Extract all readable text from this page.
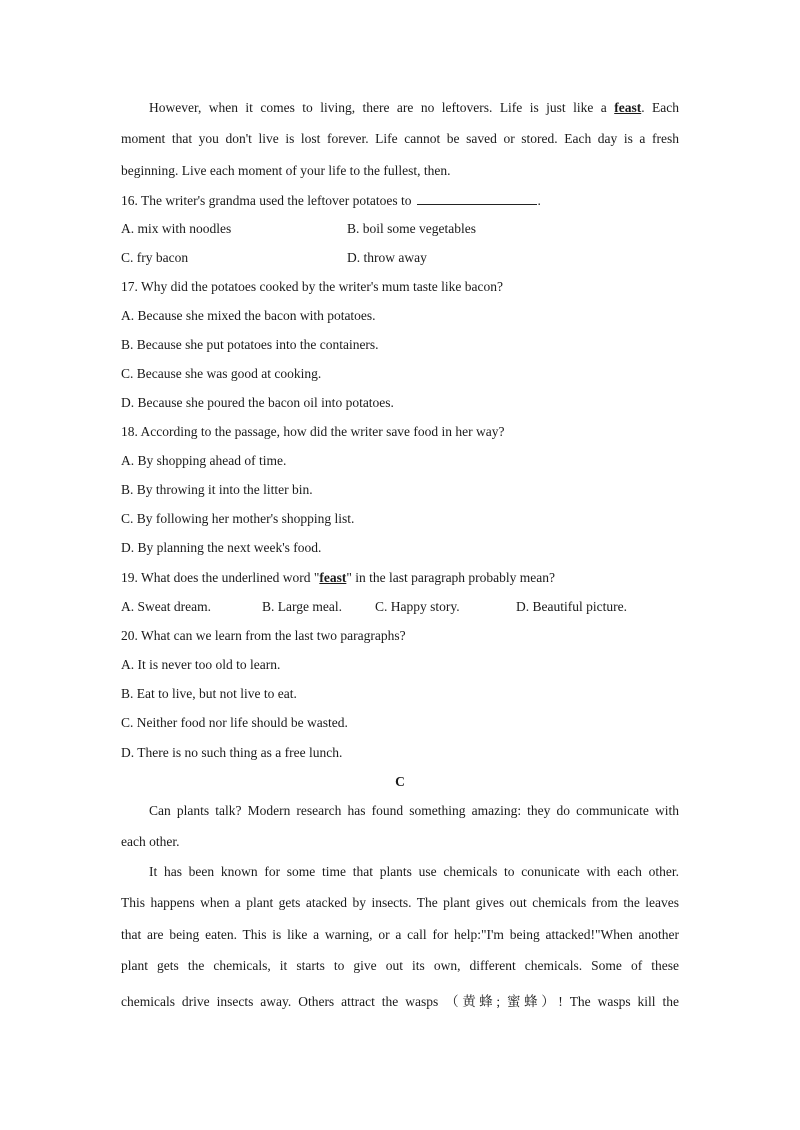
However, when it comes to living, there are no leftovers. Life is just like a feast. Each
moment that you don't live is lost forever. Life cannot be saved or stored. Each day is a fresh
beginning. Live each moment of your life to the fullest, then.
16. The writer's grandma used the leftover potatoes to	.
A. mix with noodles	B. boil some vegetables
C. fry bacon	D. throw away
17. Why did the potatoes cooked by the writer's mum taste like bacon?
A. Because she mixed the bacon with potatoes.
B. Because she put potatoes into the containers.
C. Because she was good at cooking.
D. Because she poured the bacon oil into potatoes.
18. According to the passage, how did the writer save food in her way?
A. By shopping ahead of time.
B. By throwing it into the litter bin.
C. By following her mother's shopping list.
D. By planning the next week's food.
19. What does the underlined word "feast" in the last paragraph probably mean?
A. Sweat dream.	B. Large meal. C. Happy story.	D. Beautiful picture.
20. What can we learn from the last two paragraphs?
A. It is never too old to learn.
B. Eat to live, but not live to eat.
C. Neither food nor life should be wasted.
D. There is no such thing as a free lunch.
C
Can plants talk? Modern research has found something amazing: they do communicate with
each other.
It has been known for some time that plants use chemicals to conunicate with each other.
This happens when a plant gets atacked by insects. The plant gives out chemicals from the leaves
that are being eaten. This is like a warning, or a call for help:"I'm being attacked!"When another
plant gets the chemicals, it starts to give out its own, different chemicals. Some of these
chemicals drive insects away. Others attract the wasps （黄蜂; 蜜蜂）! The wasps kill the
